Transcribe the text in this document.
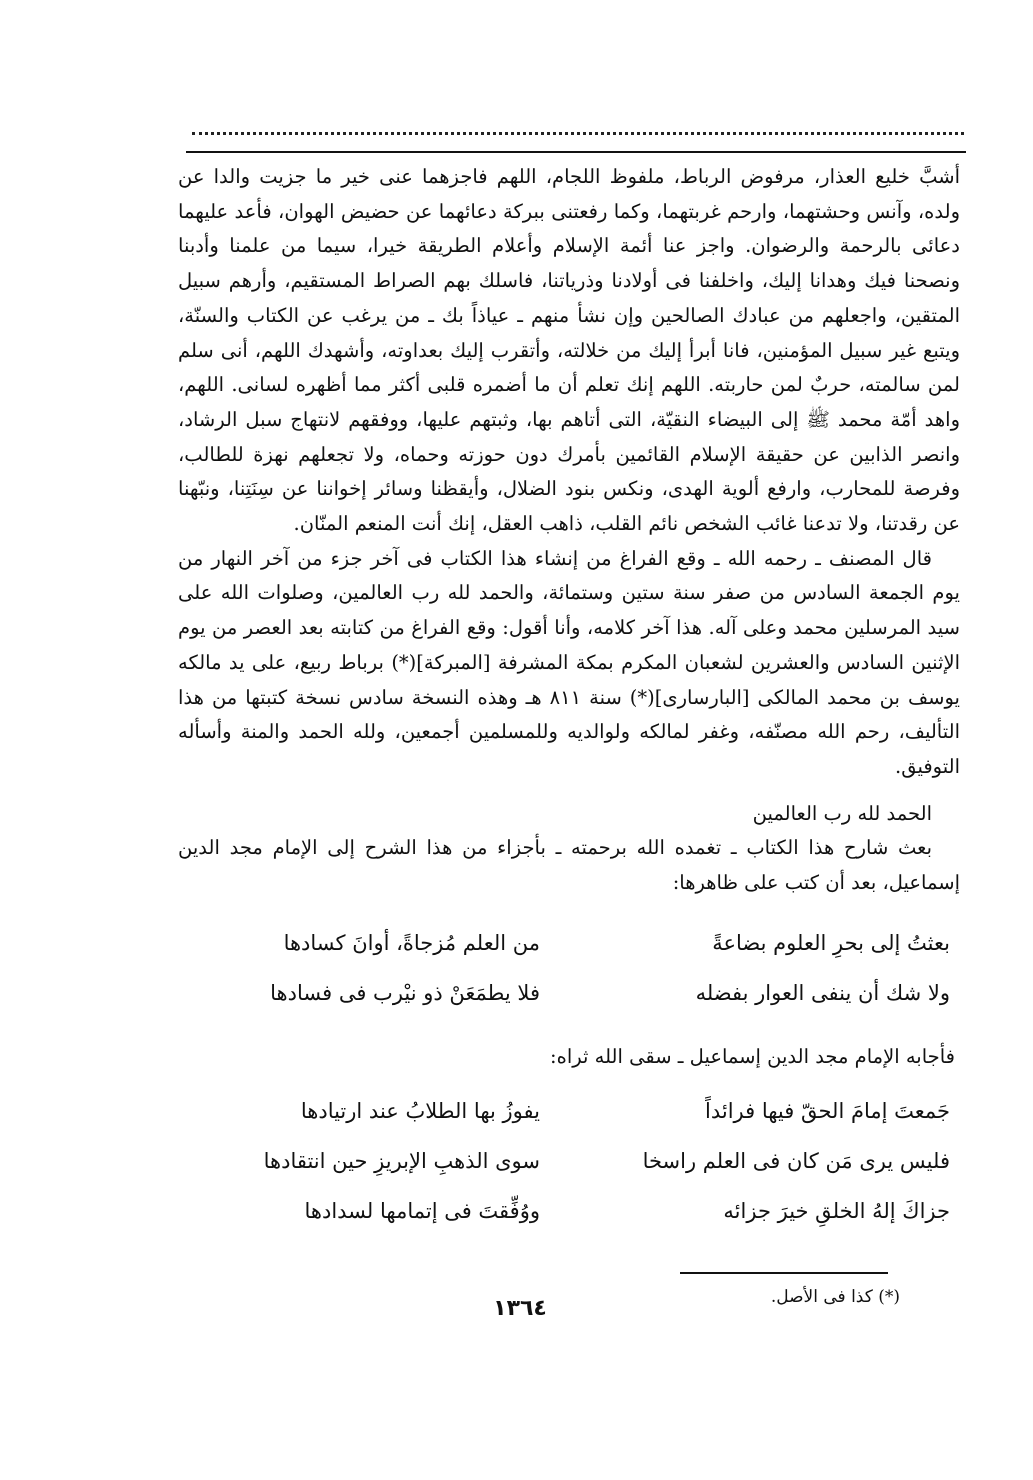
أشبَّ خليع العذار، مرفوض الرباط، ملفوظ اللجام، اللهم فاجزهما عنى خير ما جزيت والدا عن ولده، وآنس وحشتهما، وارحم غربتهما، وكما رفعتنى ببركة دعائهما عن حضيض الهوان، فأعد عليهما دعائى بالرحمة والرضوان. واجز عنا أئمة الإسلام وأعلام الطريقة خيرا، سيما من علمنا وأدبنا ونصحنا فيك وهدانا إليك، واخلفنا فى أولادنا وذرياتنا، فاسلك بهم الصراط المستقيم، وأرهم سبيل المتقين، واجعلهم من عبادك الصالحين وإن نشأ منهم ـ عياذاً بك ـ من يرغب عن الكتاب والسنّة، ويتبع غير سبيل المؤمنين، فانا أبرأ إليك من خلالته، وأتقرب إليك بعداوته، وأشهدك اللهم، أنى سلم لمن سالمته، حربٌ لمن حاربته. اللهم إنك تعلم أن ما أضمره قلبى أكثر مما أظهره لسانى. اللهم، واهد أمّة محمد ﷺ إلى البيضاء النقيّة، التى أتاهم بها، وثبتهم عليها، ووفقهم لانتهاج سبل الرشاد، وانصر الذابين عن حقيقة الإسلام القائمين بأمرك دون حوزته وحماه، ولا تجعلهم نهزة للطالب، وفرصة للمحارب، وارفع ألوية الهدى، ونكس بنود الضلال، وأيقظنا وسائر إخواننا عن سِنَتِنا، ونبّهنا عن رقدتنا، ولا تدعنا غائب الشخص نائم القلب، ذاهب العقل، إنك أنت المنعم المنّان.

قال المصنف ـ رحمه الله ـ وقع الفراغ من إنشاء هذا الكتاب فى آخر جزء من آخر النهار من يوم الجمعة السادس من صفر سنة ستين وستمائة، والحمد لله رب العالمين، وصلوات الله على سيد المرسلين محمد وعلى آله. هذا آخر كلامه، وأنا أقول: وقع الفراغ من كتابته بعد العصر من يوم الإثنين السادس والعشرين لشعبان المكرم بمكة المشرفة [المبركة](*) برباط ربيع، على يد مالكه يوسف بن محمد المالكى [البارسارى](*) سنة ٨١١ هـ وهذه النسخة سادس نسخة كتبتها من هذا التأليف، رحم الله مصنّفه، وغفر لمالكه ولوالديه وللمسلمين أجمعين، ولله الحمد والمنة وأسأله التوفيق.

الحمد لله رب العالمين

بعث شارح هذا الكتاب ـ تغمده الله برحمته ـ بأجزاء من هذا الشرح إلى الإمام مجد الدين إسماعيل، بعد أن كتب على ظاهرها:

بعثتُ إلى بحرِ العلوم بضاعةً
من العلم مُزجاةً، أوانَ كسادها
ولا شك أن ينفى العوار بفضله
فلا يطمَعَنْ ذو نيْرب فى فسادها
فأجابه الإمام مجد الدين إسماعيل ـ سقى الله ثراه:
جَمعتَ إمامَ الحقّ فيها فرائداً
يفوزُ بها الطلابُ عند ارتيادها
فليس يرى مَن كان فى العلم راسخا
سوى الذهبِ الإبريزِ حين انتقادها
جزاكَ إلهُ الخلقِ خيرَ جزائه
ووُفِّقتَ فى إتمامها لسدادها
(*) كذا فى الأصل.
١٣٦٤
